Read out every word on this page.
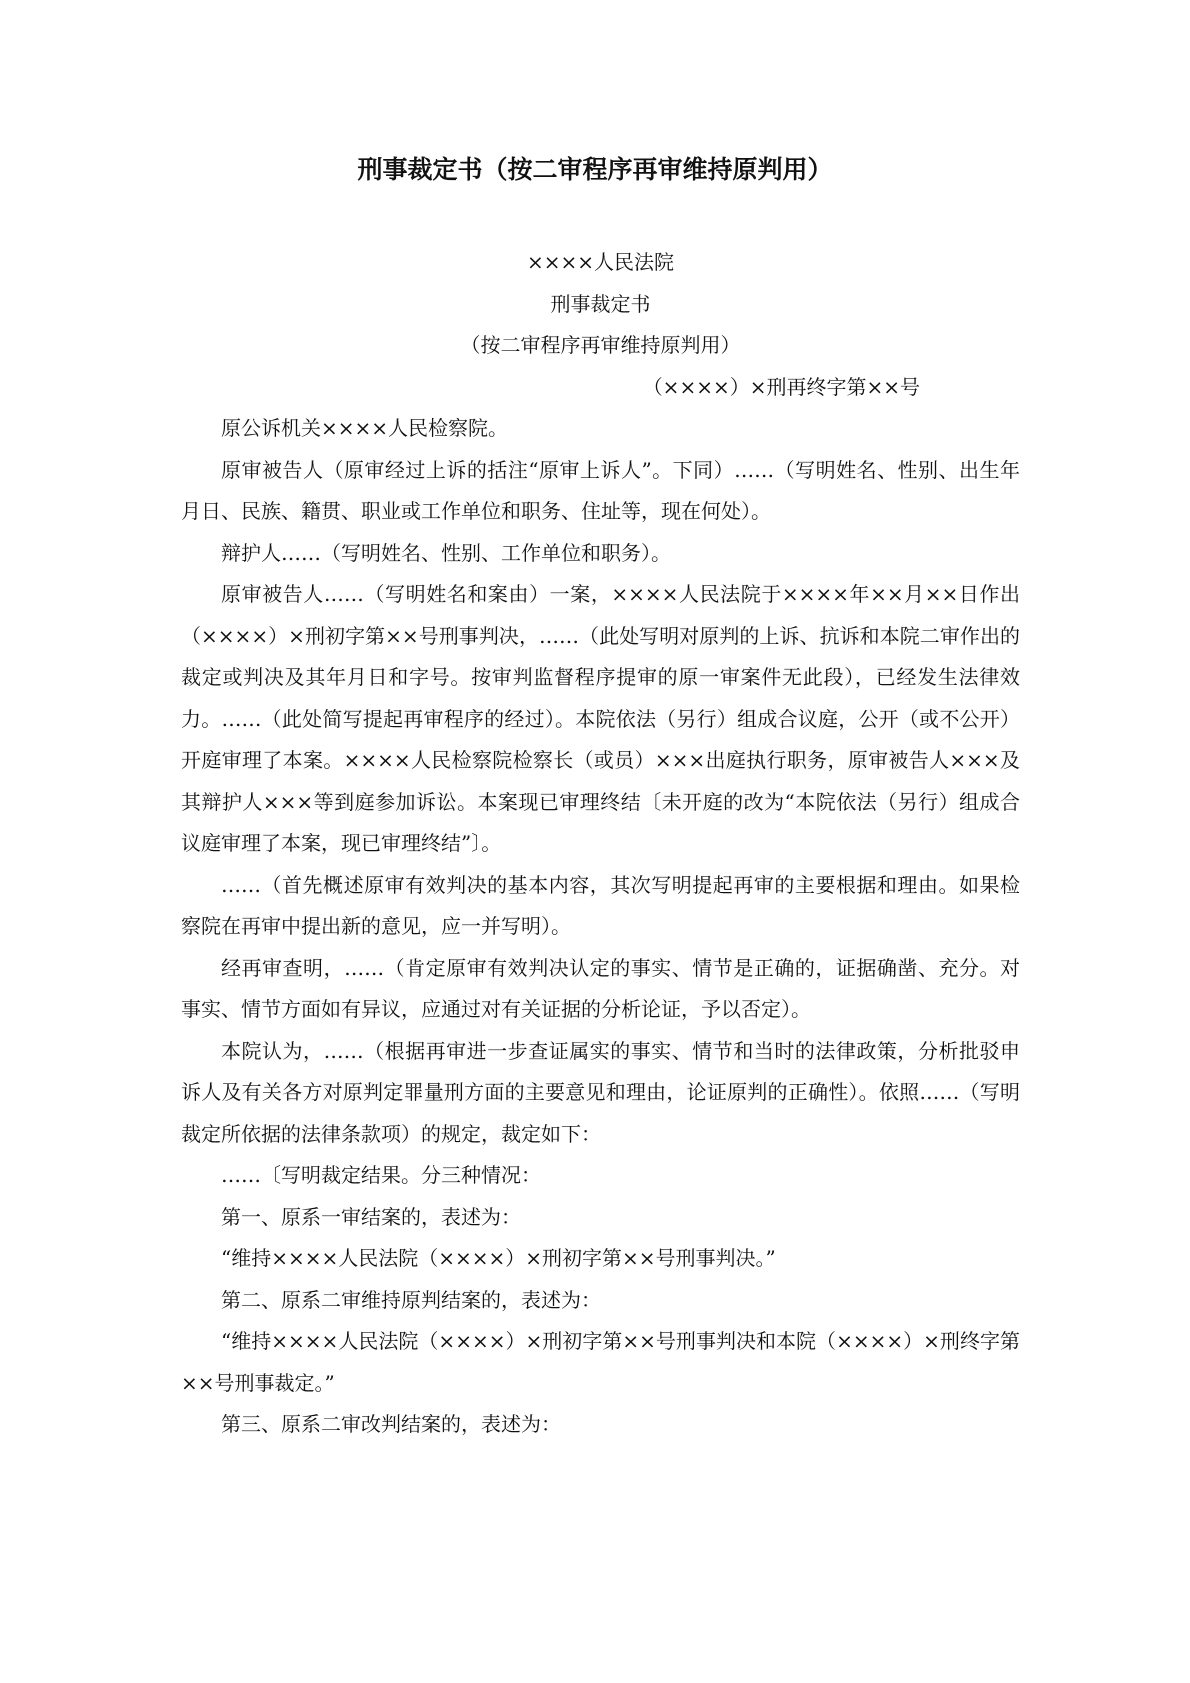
刑事裁定书（按二审程序再审维持原判用）
××××人民法院
刑事裁定书
（按二审程序再审维持原判用）
（××××）×刑再终字第××号

原公诉机关××××人民检察院。

原审被告人（原审经过上诉的括注“原审上诉人”。下同）……（写明姓名、性别、出生年月日、民族、籍贯、职业或工作单位和职务、住址等，现在何处）。

辩护人……（写明姓名、性别、工作单位和职务）。

原审被告人……（写明姓名和案由）一案，××××人民法院于××××年××月××日作出（××××）×刑初字第××号刑事判决，……（此处写明对原判的上诉、抗诉和本院二审作出的裁定或判决及其年月日和字号。按审判监督程序提审的原一审案件无此段），已经发生法律效力。……（此处简写提起再审程序的经过）。本院依法（另行）组成合议庭，公开（或不公开）开庭审理了本案。××××人民检察院检察长（或员）×××出庭执行职务，原审被告人×××及其辩护人×××等到庭参加诉讼。本案现已审理终结〔未开庭的改为“本院依法（另行）组成合议庭审理了本案，现已审理终结”〕。

……（首先概述原审有效判决的基本内容，其次写明提起再审的主要根据和理由。如果检察院在再审中提出新的意见，应一并写明）。

经再审查明，……（肯定原审有效判决认定的事实、情节是正确的，证据确凿、充分。对事实、情节方面如有异议，应通过对有关证据的分析论证，予以否定）。

本院认为，……（根据再审进一步查证属实的事实、情节和当时的法律政策，分析批驳申诉人及有关各方对原判定罪量刑方面的主要意见和理由，论证原判的正确性）。依照……（写明裁定所依据的法律条款项）的规定，裁定如下：

……〔写明裁定结果。分三种情况：

第一、原系一审结案的，表述为：

“维持××××人民法院（××××）×刑初字第××号刑事判决。”

第二、原系二审维持原判结案的，表述为：

“维持××××人民法院（××××）×刑初字第××号刑事判决和本院（××××）×刑终字第××号刑事裁定。”

第三、原系二审改判结案的，表述为：
